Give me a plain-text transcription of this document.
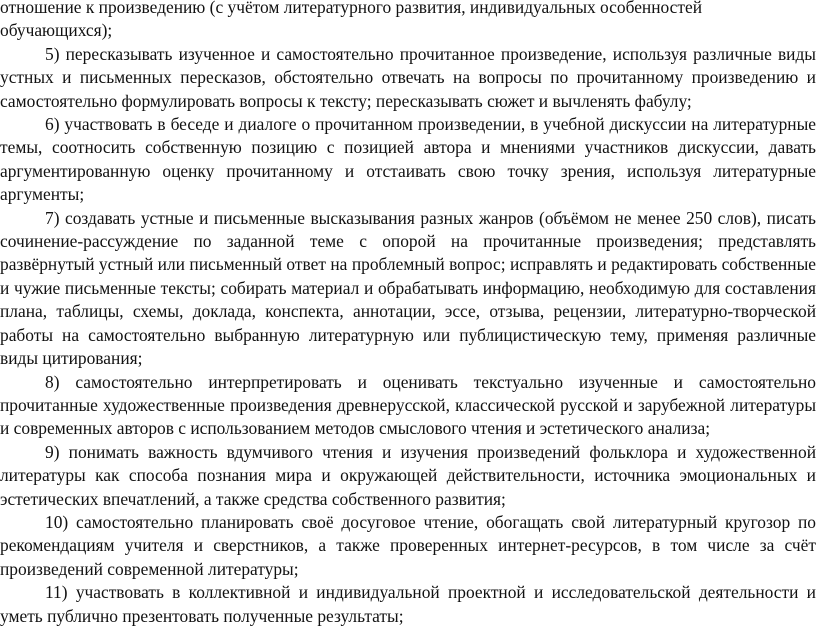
отношение к произведению (с учётом литературного развития, индивидуальных особенностей обучающихся);

5) пересказывать изученное и самостоятельно прочитанное произведение, используя различные виды устных и письменных пересказов, обстоятельно отвечать на вопросы по прочитанному произведению и самостоятельно формулировать вопросы к тексту; пересказывать сюжет и вычленять фабулу;

6) участвовать в беседе и диалоге о прочитанном произведении, в учебной дискуссии на литературные темы, соотносить собственную позицию с позицией автора и мнениями участников дискуссии, давать аргументированную оценку прочитанному и отстаивать свою точку зрения, используя литературные аргументы;

7) создавать устные и письменные высказывания разных жанров (объёмом не менее 250 слов), писать сочинение-рассуждение по заданной теме с опорой на прочитанные произведения; представлять развёрнутый устный или письменный ответ на проблемный вопрос; исправлять и редактировать собственные и чужие письменные тексты; собирать материал и обрабатывать информацию, необходимую для составления плана, таблицы, схемы, доклада, конспекта, аннотации, эссе, отзыва, рецензии, литературно-творческой работы на самостоятельно выбранную литературную или публицистическую тему, применяя различные виды цитирования;

8) самостоятельно интерпретировать и оценивать текстуально изученные и самостоятельно прочитанные художественные произведения древнерусской, классической русской и зарубежной литературы и современных авторов с использованием методов смыслового чтения и эстетического анализа;

9) понимать важность вдумчивого чтения и изучения произведений фольклора и художественной литературы как способа познания мира и окружающей действительности, источника эмоциональных и эстетических впечатлений, а также средства собственного развития;

10) самостоятельно планировать своё досуговое чтение, обогащать свой литературный кругозор по рекомендациям учителя и сверстников, а также проверенных интернет-ресурсов, в том числе за счёт произведений современной литературы;

11) участвовать в коллективной и индивидуальной проектной и исследовательской деятельности и уметь публично презентовать полученные результаты;
